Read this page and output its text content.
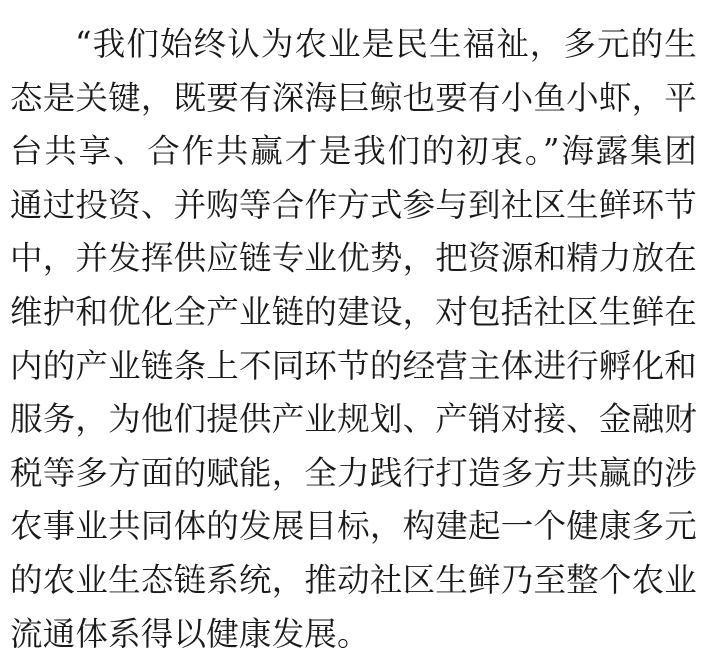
“我们始终认为农业是民生福祉，多元的生态是关键，既要有深海巨鲸也要有小鱼小虾，平台共享、合作共赢才是我们的初衷。”海露集团通过投资、并购等合作方式参与到社区生鲜环节中，并发挥供应链专业优势，把资源和精力放在维护和优化全产业链的建设，对包括社区生鲜在内的产业链条上不同环节的经营主体进行孵化和服务，为他们提供产业规划、产销对接、金融财税等多方面的赋能，全力践行打造多方共赢的涉农事业共同体的发展目标，构建起一个健康多元的农业生态链系统，推动社区生鲜乃至整个农业流通体系得以健康发展。
